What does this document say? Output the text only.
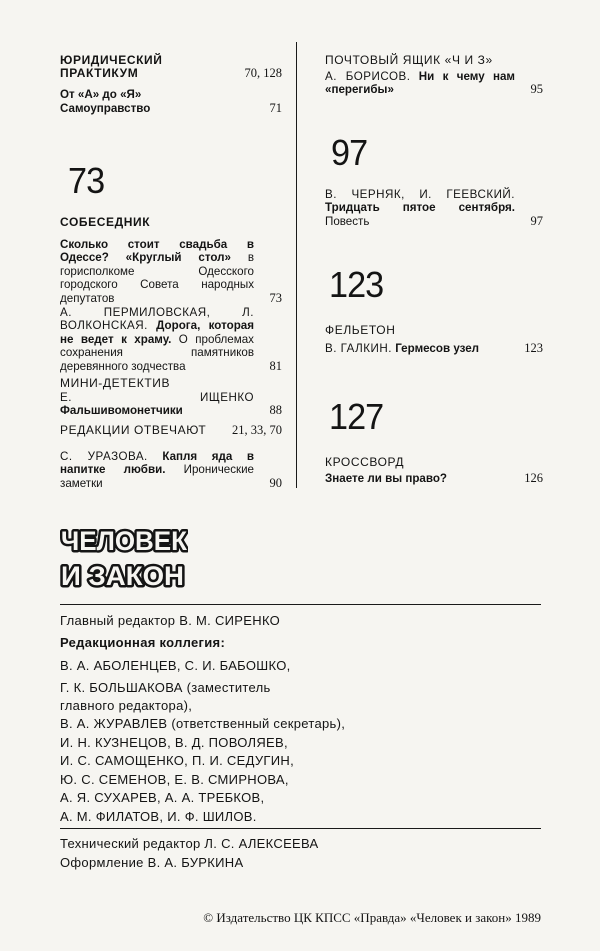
ЮРИДИЧЕСКИЙ ПРАКТИКУМ	70, 128
От «А» до «Я»
Самоуправство	71
73
СОБЕСЕДНИК
Сколько стоит свадьба в Одессе? «Круглый стол» в горисполкоме Одесского городского Совета народных депутатов	73
А. ПЕРМИЛОВСКАЯ, Л. ВОЛКОНСКАЯ. Дорога, которая не ведет к храму. О проблемах сохранения памятников деревянного зодчества	81
МИНИ-ДЕТЕКТИВ
Е. ИЩЕНКО Фальшивомонетчики	88
РЕДАКЦИИ ОТВЕЧАЮТ	21, 33, 70
С. УРАЗОВА. Капля яда в напитке любви. Иронические заметки	90
ПОЧТОВЫЙ ЯЩИК «Ч И З»
А. БОРИСОВ. Ни к чему нам «перегибы»	95
97
В. ЧЕРНЯК, И. ГЕЕВСКИЙ. Тридцать пятое сентября. Повесть	97
123
ФЕЛЬЕТОН
В. ГАЛКИН. Гермесов узел	123
127
КРОССВОРД
Знаете ли вы право?	126
ЧЕЛОВЕК
И ЗАКОН
Главный редактор В. М. СИРЕНКО
Редакционная коллегия:
В. А. АБОЛЕНЦЕВ, С. И. БАБОШКО,
Г. К. БОЛЬШАКОВА (заместитель
главного редактора),
В. А. ЖУРАВЛЕВ (ответственный секретарь),
И. Н. КУЗНЕЦОВ, В. Д. ПОВОЛЯЕВ,
И. С. САМОЩЕНКО, П. И. СЕДУГИН,
Ю. С. СЕМЕНОВ, Е. В. СМИРНОВА,
А. Я. СУХАРЕВ, А. А. ТРЕБКОВ,
А. М. ФИЛАТОВ, И. Ф. ШИЛОВ.
Технический редактор Л. С. АЛЕКСЕЕВА
Оформление В. А. БУРКИНА
© Издательство ЦК КПСС «Правда» «Человек и закон» 1989
